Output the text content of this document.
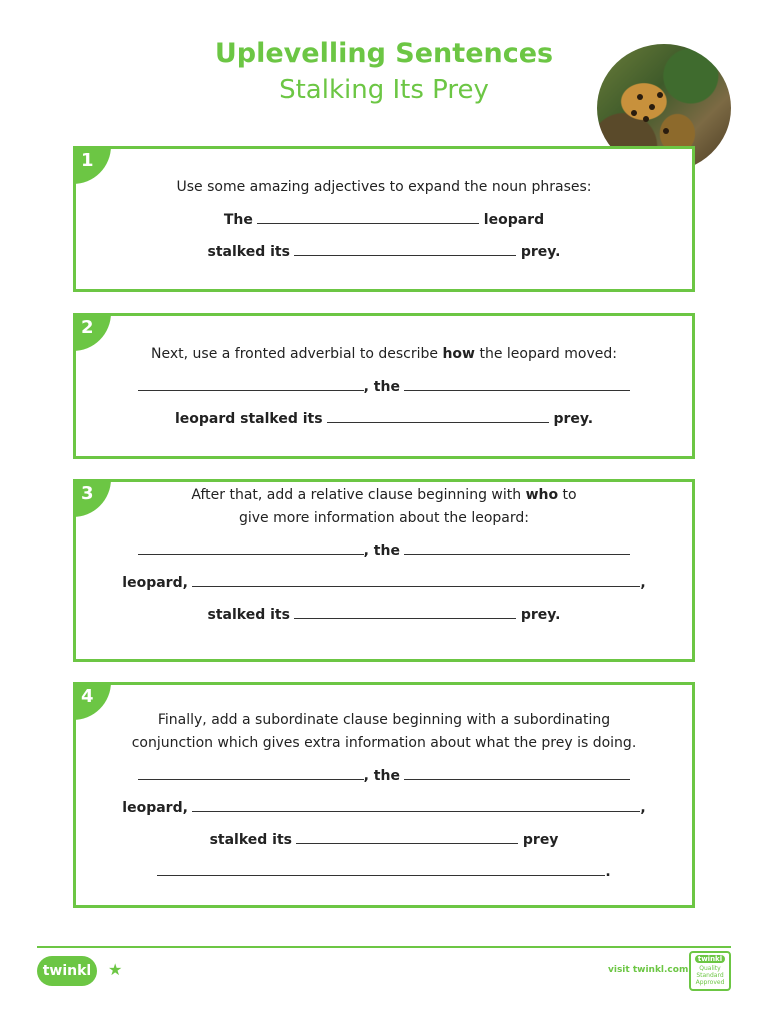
Uplevelling Sentences
Stalking Its Prey
1
Use some amazing adjectives to expand the noun phrases:
The	leopard
stalked its	prey.
2
Next, use a fronted adverbial to describe how the leopard moved:
, the
leopard stalked its	prey.
3	After that, add a relative clause beginning with who to
give more information about the leopard:
, the
leopard,	,
stalked its	prey.
4
Finally, add a subordinate clause beginning with a subordinating
conjunction which gives extra information about what the prey is doing.
, the
leopard,	,
stalked its	prey
.
twinkl	★	visit twinkl.com
twinkl
Quality Standard Approved
